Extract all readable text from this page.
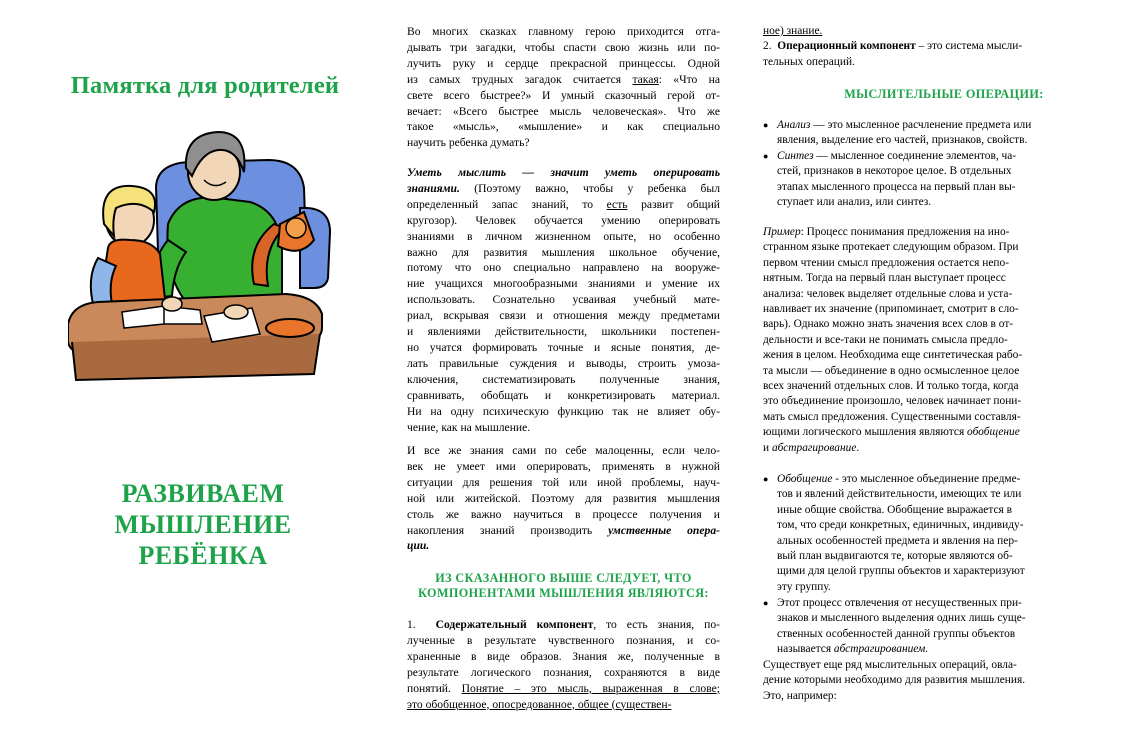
Памятка для родителей
РАЗВИВАЕМ
МЫШЛЕНИЕ
РЕБЁНКА
Во многих сказках главному герою приходится отга-
дывать три загадки, чтобы спасти свою жизнь или по-
лучить руку и сердце прекрасной принцессы. Одной
из самых трудных загадок считается такая: «Что на
свете всего быстрее?» И умный сказочный герой от-
вечает: «Всего быстрее мысль человеческая». Что же
такое «мысль», «мышление» и как специально
научить ребенка думать?
Уметь мыслить — значит уметь оперировать
знаниями. (Поэтому важно, чтобы у ребенка был
определенный запас знаний, то есть развит общий
кругозор). Человек обучается умению оперировать
знаниями в личном жизненном опыте, но особенно
важно для развития мышления школьное обучение,
потому что оно специально направлено на вооруже-
ние учащихся многообразными знаниями и умение их
использовать. Сознательно усваивая учебный мате-
риал, вскрывая связи и отношения между предметами
и явлениями действительности, школьники постепен-
но учатся формировать точные и ясные понятия, де-
лать правильные суждения и выводы, строить умоза-
ключения, систематизировать полученные знания,
сравнивать, обобщать и конкретизировать материал.
Ни на одну психическую функцию так не влияет обу-
чение, как на мышление.
И все же знания сами по себе малоценны, если чело-
век не умеет ими оперировать, применять в нужной
ситуации для решения той или иной проблемы, науч-
ной или житейской. Поэтому для развития мышления
столь же важно научиться в процессе получения и
накопления знаний производить умственные опера-
ции.
ИЗ СКАЗАННОГО ВЫШЕ СЛЕДУЕТ, ЧТО
КОМПОНЕНТАМИ МЫШЛЕНИЯ ЯВЛЯЮТСЯ:
1. Содержательный компонент, то есть знания, по-
лученные в результате чувственного познания, и со-
храненные в виде образов. Знания же, полученные в
результате логического познания, сохраняются в виде
понятий. Понятие – это мысль, выраженная в слове;
это обобщенное, опосредованное, общее (существен-
ное) знание.
2. Операционный компонент – это система мысли-
тельных операций.
МЫСЛИТЕЛЬНЫЕ ОПЕРАЦИИ:
● Анализ — это мысленное расчленение предмета или
явления, выделение его частей, признаков, свойств.
● Синтез — мысленное соединение элементов, ча-
стей, признаков в некоторое целое. В отдельных
этапах мысленного процесса на первый план вы-
ступает или анализ, или синтез.
Пример: Процесс понимания предложения на ино-
странном языке протекает следующим образом. При
первом чтении смысл предложения остается непо-
нятным. Тогда на первый план выступает процесс
анализа: человек выделяет отдельные слова и уста-
навливает их значение (припоминает, смотрит в сло-
варь). Однако можно знать значения всех слов в от-
дельности и все-таки не понимать смысла предло-
жения в целом. Необходима еще синтетическая рабо-
та мысли — объединение в одно осмысленное целое
всех значений отдельных слов. И только тогда, когда
это объединение произошло, человек начинает пони-
мать смысл предложения. Существенными составля-
ющими логического мышления являются обобщение
и абстрагирование.
● Обобщение - это мысленное объединение предме-
тов и явлений действительности, имеющих те или
иные общие свойства. Обобщение выражается в
том, что среди конкретных, единичных, индивиду-
альных особенностей предмета и явления на пер-
вый план выдвигаются те, которые являются об-
щими для целой группы объектов и характеризуют
эту группу.
● Этот процесс отвлечения от несущественных при-
знаков и мысленного выделения одних лишь суще-
ственных особенностей данной группы объектов
называется абстрагированием.
Существует еще ряд мыслительных операций, овла-
дение которыми необходимо для развития мышления.
Это, например:
